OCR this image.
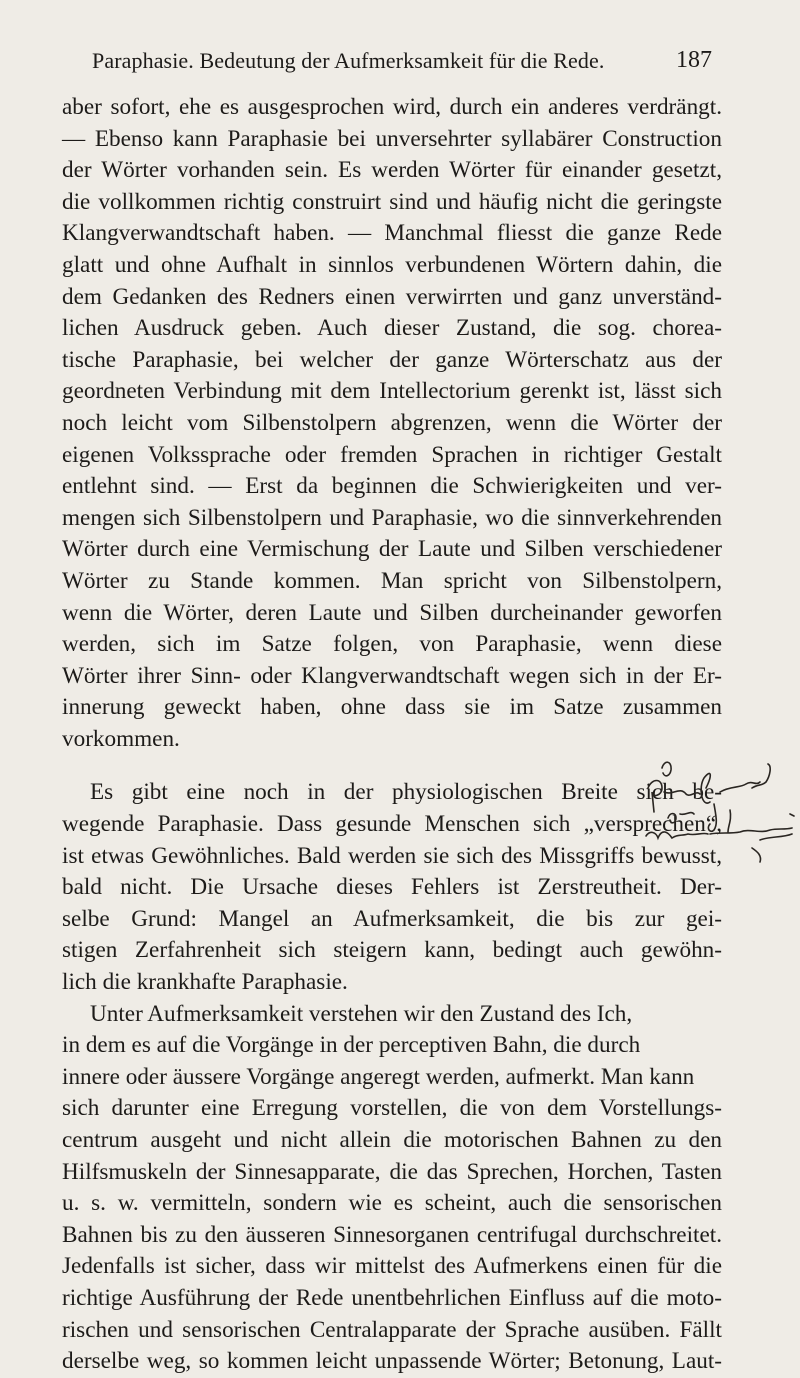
Paraphasie. Bedeutung der Aufmerksamkeit für die Rede.	187
aber sofort, ehe es ausgesprochen wird, durch ein anderes verdrängt.
— Ebenso kann Paraphasie bei unversehrter syllabärer Construction
der Wörter vorhanden sein. Es werden Wörter für einander gesetzt,
die vollkommen richtig construirt sind und häufig nicht die geringste
Klangverwandtschaft haben. — Manchmal fliesst die ganze Rede
glatt und ohne Aufhalt in sinnlos verbundenen Wörtern dahin, die
dem Gedanken des Redners einen verwirrten und ganz unverständ-
lichen Ausdruck geben. Auch dieser Zustand, die sog. chorea-
tische Paraphasie, bei welcher der ganze Wörterschatz aus der
geordneten Verbindung mit dem Intellectorium gerenkt ist, lässt sich
noch leicht vom Silbenstolpern abgrenzen, wenn die Wörter der
eigenen Volkssprache oder fremden Sprachen in richtiger Gestalt
entlehnt sind. — Erst da beginnen die Schwierigkeiten und ver-
mengen sich Silbenstolpern und Paraphasie, wo die sinnverkehrenden
Wörter durch eine Vermischung der Laute und Silben verschiedener
Wörter zu Stande kommen. Man spricht von Silbenstolpern,
wenn die Wörter, deren Laute und Silben durcheinander geworfen
werden, sich im Satze folgen, von Paraphasie, wenn diese
Wörter ihrer Sinn- oder Klangverwandtschaft wegen sich in der Er-
innerung geweckt haben, ohne dass sie im Satze zusammen
vorkommen.
Es gibt eine noch in der physiologischen Breite sich be-
wegende Paraphasie. Dass gesunde Menschen sich „versprechen“,
ist etwas Gewöhnliches. Bald werden sie sich des Missgriffs bewusst,
bald nicht. Die Ursache dieses Fehlers ist Zerstreutheit. Der-
selbe Grund: Mangel an Aufmerksamkeit, die bis zur gei-
stigen Zerfahrenheit sich steigern kann, bedingt auch gewöhn-
lich die krankhafte Paraphasie.
Unter Aufmerksamkeit verstehen wir den Zustand des Ich,
in dem es auf die Vorgänge in der perceptiven Bahn, die durch
innere oder äussere Vorgänge angeregt werden, aufmerkt. Man kann
sich darunter eine Erregung vorstellen, die von dem Vorstellungs-
centrum ausgeht und nicht allein die motorischen Bahnen zu den
Hilfsmuskeln der Sinnesapparate, die das Sprechen, Horchen, Tasten
u. s. w. vermitteln, sondern wie es scheint, auch die sensorischen
Bahnen bis zu den äusseren Sinnesorganen centrifugal durchschreitet.
Jedenfalls ist sicher, dass wir mittelst des Aufmerkens einen für die
richtige Ausführung der Rede unentbehrlichen Einfluss auf die moto-
rischen und sensorischen Centralapparate der Sprache ausüben. Fällt
derselbe weg, so kommen leicht unpassende Wörter; Betonung, Laut-
